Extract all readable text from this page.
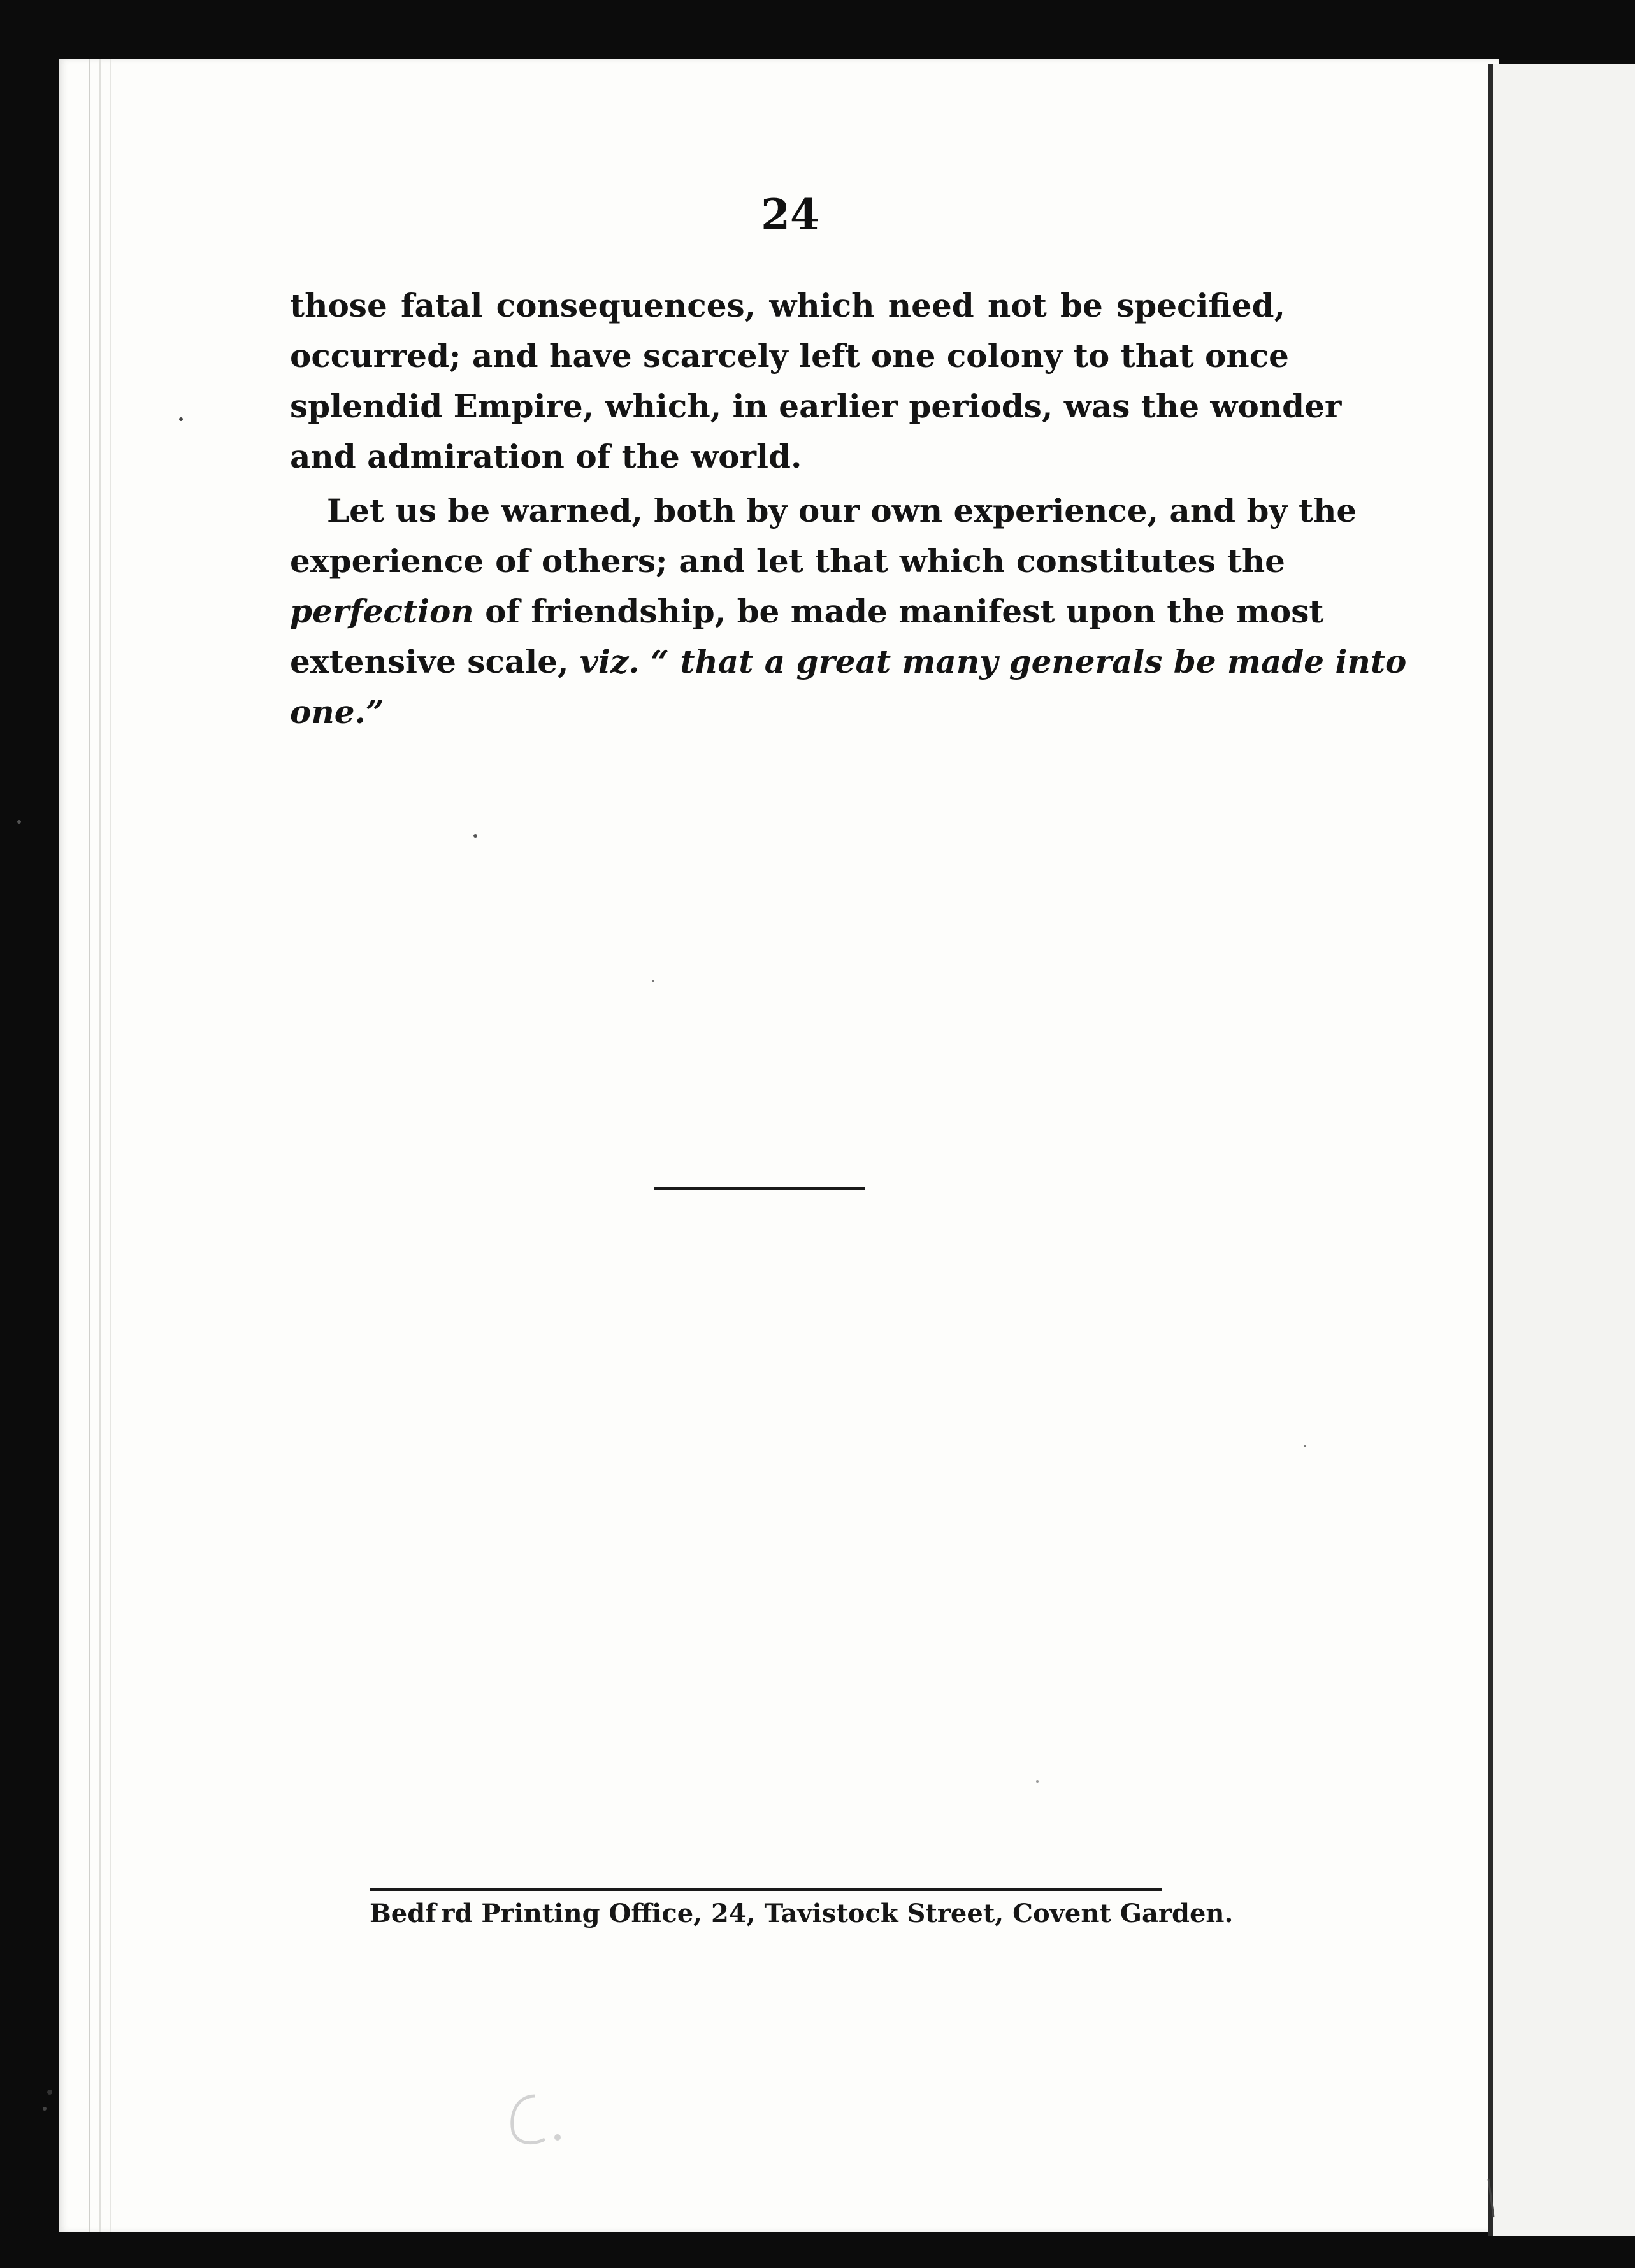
24
those fatal consequences, which need not be specified,
occurred; and have scarcely left one colony to that once
splendid Empire, which, in earlier periods, was the wonder
and admiration of the world.
Let us be warned, both by our own experience, and by the
experience of others; and let that which constitutes the
perfection of friendship, be made manifest upon the most
extensive scale, viz. “ that a great many generals be made into
one.”
Bedf rd Printing Office, 24, Tavistock Street, Covent Garden.
